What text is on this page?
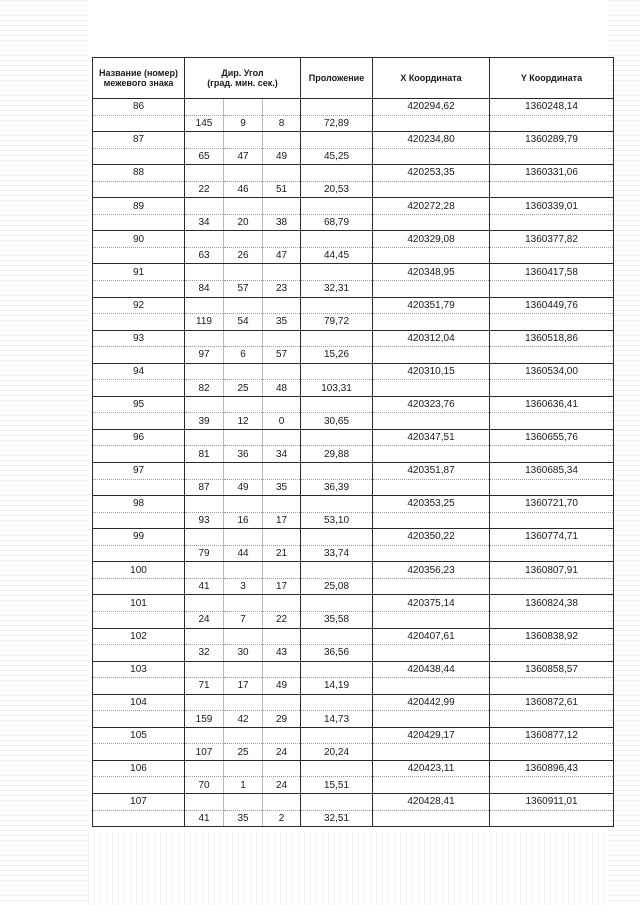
Название (номер) межевого знака	Дир. Угол
(град. мин. сек.)			Проложение	X Координата	Y Координата
86					420294,62	1360248,14
	145	9	8	72,89		
87					420234,80	1360289,79
	65	47	49	45,25		
88					420253,35	1360331,06
	22	46	51	20,53		
89					420272,28	1360339,01
	34	20	38	68,79		
90					420329,08	1360377,82
	63	26	47	44,45		
91					420348,95	1360417,58
	84	57	23	32,31		
92					420351,79	1360449,76
	119	54	35	79,72		
93					420312,04	1360518,86
	97	6	57	15,26		
94					420310,15	1360534,00
	82	25	48	103,31		
95					420323,76	1360636,41
	39	12	0	30,65		
96					420347,51	1360655,76
	81	36	34	29,88		
97					420351,87	1360685,34
	87	49	35	36,39		
98					420353,25	1360721,70
	93	16	17	53,10		
99					420350,22	1360774,71
	79	44	21	33,74		
100					420356,23	1360807,91
	41	3	17	25,08		
101					420375,14	1360824,38
	24	7	22	35,58		
102					420407,61	1360838,92
	32	30	43	36,56		
103					420438,44	1360858,57
	71	17	49	14,19		
104					420442,99	1360872,61
	159	42	29	14,73		
105					420429,17	1360877,12
	107	25	24	20,24		
106					420423,11	1360896,43
	70	1	24	15,51		
107					420428,41	1360911,01
	41	35	2	32,51		
